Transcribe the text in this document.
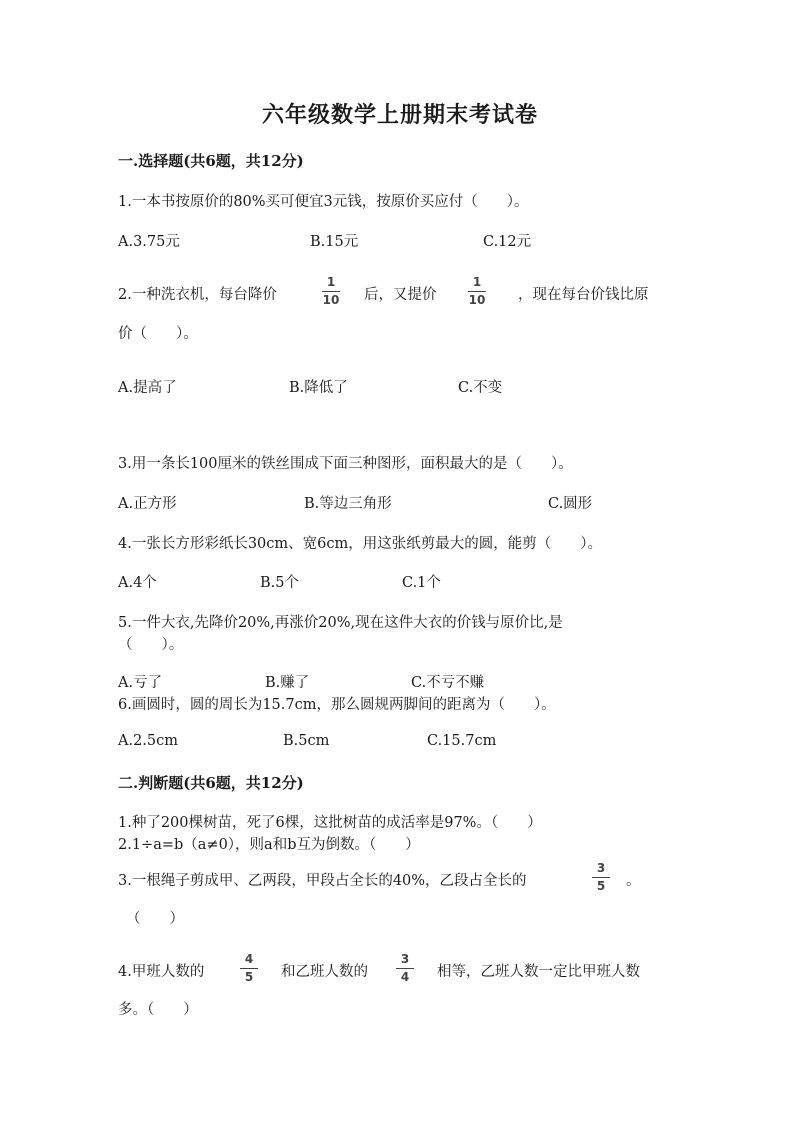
六年级数学上册期末考试卷
一.选择题(共6题，共12分)
1.一本书按原价的80%买可便宜3元钱，按原价买应付（　　）。
A.3.75元	B.15元	C.12元
2.一种洗衣机，每台降价
1
10 后，又提价
1
10 ，现在每台价钱比原
价（　　）。
A.提高了	B.降低了	C.不变
3.用一条长100厘米的铁丝围成下面三种图形，面积最大的是（　　）。
A.正方形	B.等边三角形	C.圆形
4.一张长方形彩纸长30cm、宽6cm，用这张纸剪最大的圆，能剪（　　）。
A.4个	B.5个	C.1个
5.一件大衣,先降价20%,再涨价20%,现在这件大衣的价钱与原价比,是
（　　）。
A.亏了	B.赚了	C.不亏不赚
6.画圆时，圆的周长为15.7cm，那么圆规两脚间的距离为（　　）。
A.2.5cm	B.5cm	C.15.7cm
二.判断题(共6题，共12分)
1.种了200棵树苗，死了6棵，这批树苗的成活率是97%。（　　）
2.1÷a=b（a≠0），则a和b互为倒数。（　　）
3.一根绳子剪成甲、乙两段，甲段占全长的40%，乙段占全长的
3
5 。
（　　）
4.甲班人数的
4
5 和乙班人数的
3
4 相等，乙班人数一定比甲班人数
多。（　　）
